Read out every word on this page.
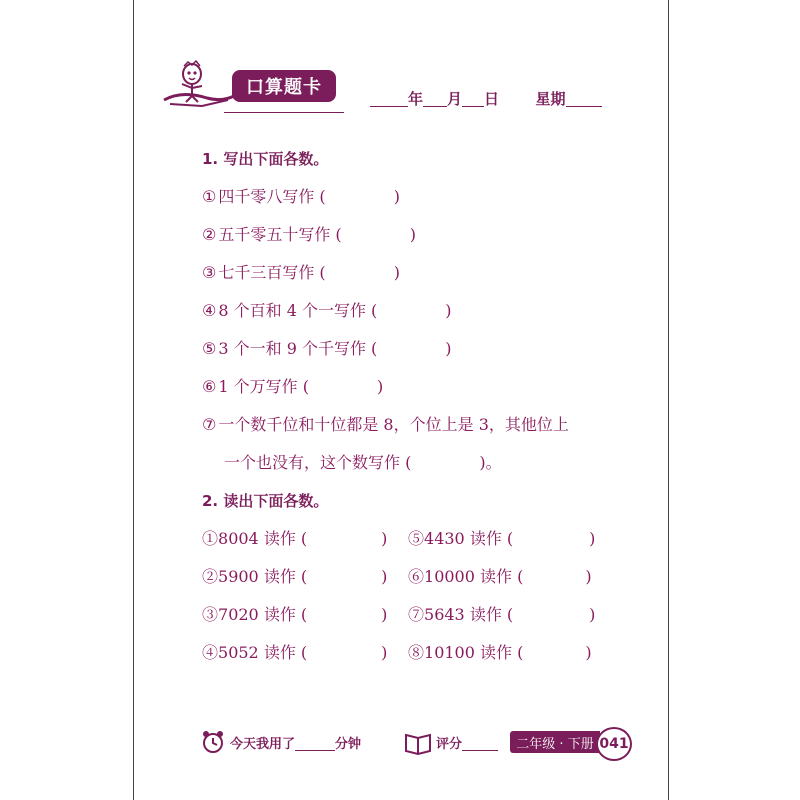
口算题卡
年 月 日 星期
1. 写出下面各数。
① 四千零八写作 (	)
② 五千零五十写作 (	)
③ 七千三百写作 (	)
④ 8 个百和 4 个一写作 (	)
⑤ 3 个一和 9 个千写作 (	)
⑥ 1 个万写作 (	)
⑦ 一个数千位和十位都是 8，个位上是 3，其他位上
一个也没有，这个数写作 (	)。
2. 读出下面各数。
①8004 读作 (	) ⑤4430 读作 (	)
②5900 读作 (	) ⑥10000 读作 (	)
③7020 读作 (	) ⑦5643 读作 (	)
④5052 读作 (	) ⑧10100 读作 (	)
今天我用了	分钟	评分	二年级 · 下册 041
